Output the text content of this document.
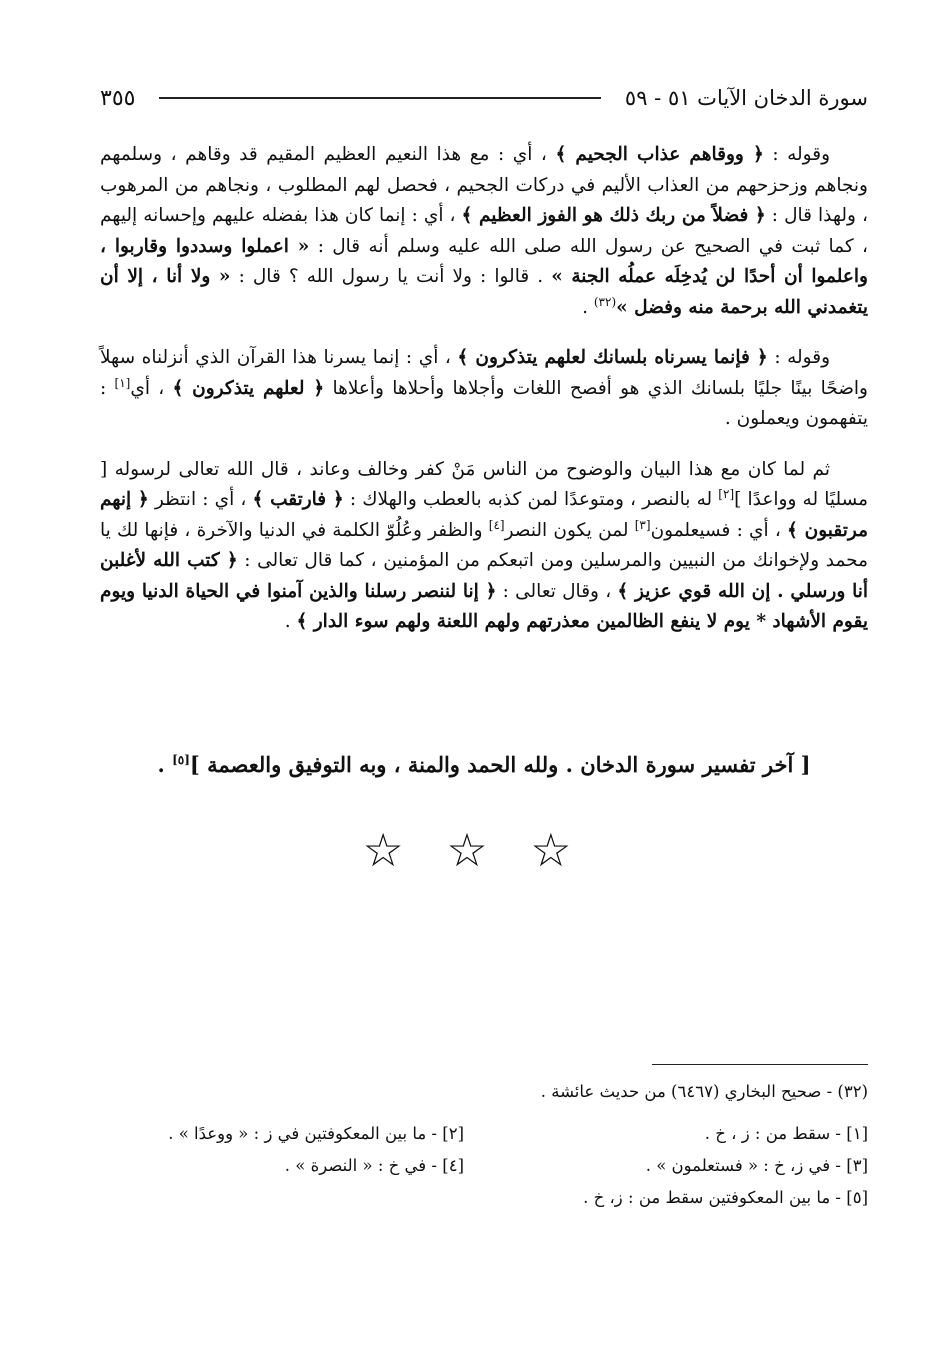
سورة الدخان الآيات ٥١ - ٥٩
٣٥٥

وقوله : ﴿ ووقاهم عذاب الجحيم ﴾ ، أي : مع هذا النعيم العظيم المقيم قد وقاهم ، وسلمهم ونجاهم وزحزحهم من العذاب الأليم في دركات الجحيم ، فحصل لهم المطلوب ، ونجاهم من المرهوب ، ولهذا قال : ﴿ فضلاً من ربك ذلك هو الفوز العظيم ﴾ ، أي : إنما كان هذا بفضله عليهم وإحسانه إليهم ، كما ثبت في الصحيح عن رسول الله صلى الله عليه وسلم أنه قال : « اعملوا وسددوا وقاربوا ، واعلموا أن أحدًا لن يُدخِلَه عملُه الجنة » . قالوا : ولا أنت يا رسول الله ؟ قال : « ولا أنا ، إلا أن يتغمدني الله برحمة منه وفضل »$^{(٣٢)}$ .

وقوله : ﴿ فإنما يسرناه بلسانك لعلهم يتذكرون ﴾ ، أي : إنما يسرنا هذا القرآن الذي أنزلناه سهلاً واضحًا بينًا جليًا بلسانك الذي هو أفصح اللغات وأجلاها وأحلاها وأعلاها ﴿ لعلهم يتذكرون ﴾ ، أي[١] : يتفهمون ويعملون .

ثم لما كان مع هذا البيان والوضوح من الناس مَنْ كفر وخالف وعاند ، قال الله تعالى لرسوله [ مسليًا له وواعدًا ][٢] له بالنصر ، ومتوعدًا لمن كذبه بالعطب والهلاك : ﴿ فارتقب ﴾ ، أي : انتظر ﴿ إنهم مرتقبون ﴾ ، أي : فسيعلمون[٣] لمن يكون النصر[٤] والظفر وعُلُوّ الكلمة في الدنيا والآخرة ، فإنها لك يا محمد ولإخوانك من النبيين والمرسلين ومن اتبعكم من المؤمنين ، كما قال تعالى : ﴿ كتب الله لأغلبن أنا ورسلي . إن الله قوي عزيز ﴾ ، وقال تعالى : ﴿ إنا لننصر رسلنا والذين آمنوا في الحياة الدنيا ويوم يقوم الأشهاد * يوم لا ينفع الظالمين معذرتهم ولهم اللعنة ولهم سوء الدار ﴾ .

[ آخر تفسير سورة الدخان . ولله الحمد والمنة ، وبه التوفيق والعصمة ][٥] .
☆ ☆ ☆
(٣٢) - صحيح البخاري (٦٤٦٧) من حديث عائشة .
[١] - سقط من : ز ، خ .
[٢] - ما بين المعكوفتين في ز : « ووعدًا » .
[٣] - في ز، خ : « فستعلمون » .
[٤] - في خ : « النصرة » .
[٥] - ما بين المعكوفتين سقط من : ز، خ .
